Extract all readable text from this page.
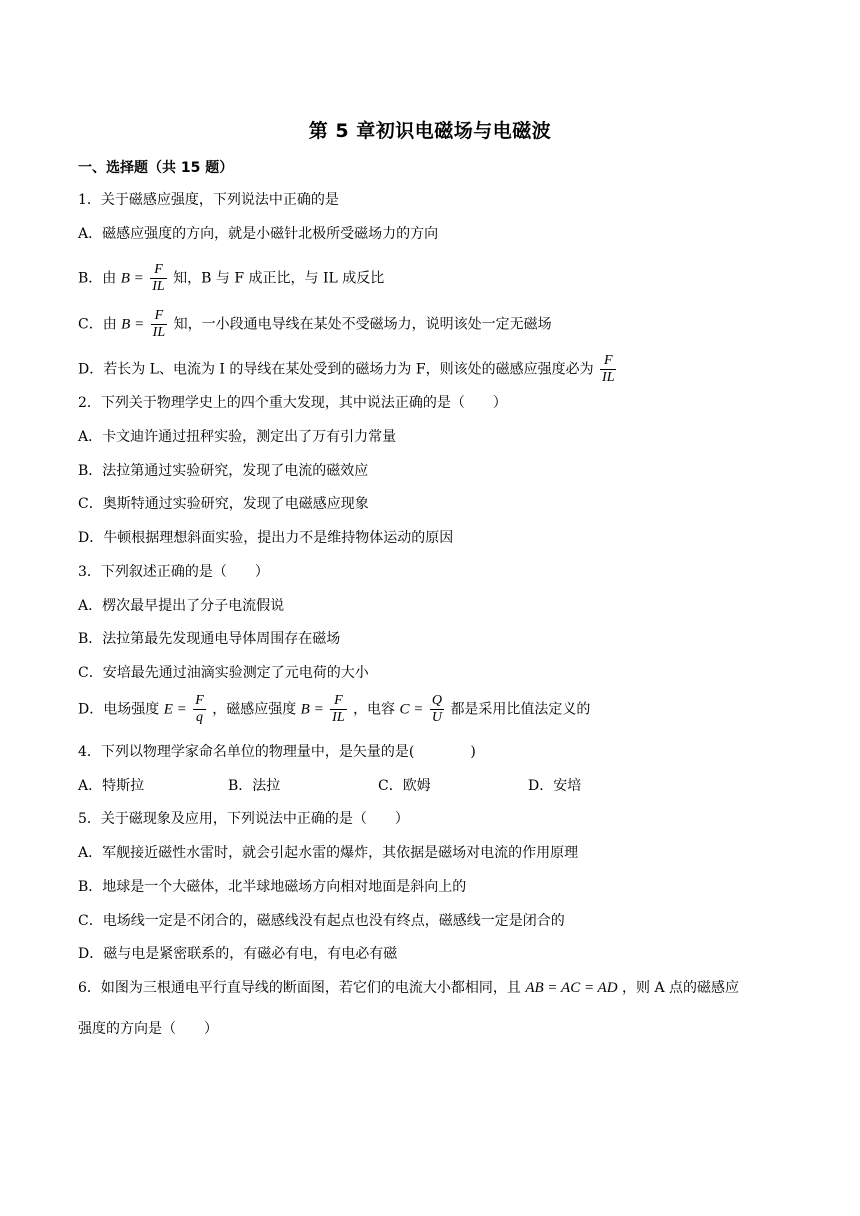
第 5 章初识电磁场与电磁波
一、选择题（共 15 题）
1．关于磁感应强度，下列说法中正确的是
A．磁感应强度的方向，就是小磁针北极所受磁场力的方向
B．由 $B = \frac{F}{IL}$ 知，B 与 F 成正比，与 IL 成反比
C．由 $B = \frac{F}{IL}$ 知，一小段通电导线在某处不受磁场力，说明该处一定无磁场
D．若长为 L、电流为 I 的导线在某处受到的磁场力为 F，则该处的磁感应强度必为 $\frac{F}{IL}$
2．下列关于物理学史上的四个重大发现，其中说法正确的是（　　）
A．卡文迪许通过扭秤实验，测定出了万有引力常量
B．法拉第通过实验研究，发现了电流的磁效应
C．奥斯特通过实验研究，发现了电磁感应现象
D．牛顿根据理想斜面实验，提出力不是维持物体运动的原因
3．下列叙述正确的是（　　）
A．楞次最早提出了分子电流假说
B．法拉第最先发现通电导体周围存在磁场
C．安培最先通过油滴实验测定了元电荷的大小
D．电场强度 $E = \frac{F}{q}$ ，磁感应强度 $B = \frac{F}{IL}$ ，电容 $C = \frac{Q}{U}$ 都是采用比值法定义的
4．下列以物理学家命名单位的物理量中，是矢量的是(　　　　)
A．特斯拉	B．法拉	C．欧姆	D．安培
5．关于磁现象及应用，下列说法中正确的是（　　）
A．军舰接近磁性水雷时，就会引起水雷的爆炸，其依据是磁场对电流的作用原理
B．地球是一个大磁体，北半球地磁场方向相对地面是斜向上的
C．电场线一定是不闭合的，磁感线没有起点也没有终点，磁感线一定是闭合的
D．磁与电是紧密联系的，有磁必有电，有电必有磁
6．如图为三根通电平行直导线的断面图，若它们的电流大小都相同，且 AB = AC = AD ，则 A 点的磁感应
强度的方向是（　　）
